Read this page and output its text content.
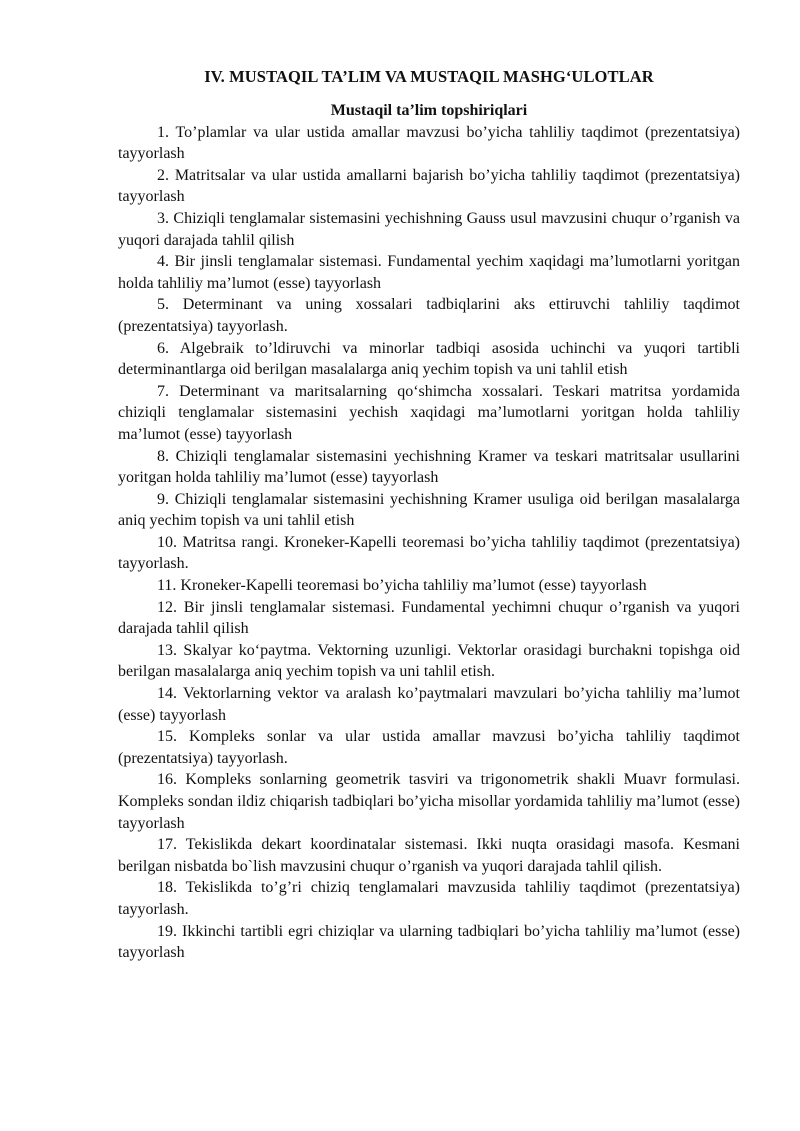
IV. MUSTAQIL TA’LIM VA MUSTAQIL MASHG‘ULOTLAR
Mustaqil ta’lim topshiriqlari

1. To’plamlar va ular ustida amallar mavzusi bo’yicha tahliliy taqdimot (prezentatsiya) tayyorlash

2. Matritsalar va ular ustida amallarni bajarish bo’yicha tahliliy taqdimot (prezentatsiya) tayyorlash

3. Chiziqli tenglamalar sistemasini yechishning Gauss usul mavzusini chuqur o’rganish va yuqori darajada tahlil qilish

4. Bir jinsli tenglamalar sistemasi. Fundamental yechim xaqidagi ma’lumotlarni yoritgan holda tahliliy ma’lumot (esse) tayyorlash

5. Determinant va uning xossalari tadbiqlarini aks ettiruvchi tahliliy taqdimot (prezentatsiya) tayyorlash.

6. Algebraik to’ldiruvchi va minorlar tadbiqi asosida uchinchi va yuqori tartibli determinantlarga oid berilgan masalalarga aniq yechim topish va uni tahlil etish

7. Determinant va maritsalarning qo‘shimcha xossalari. Teskari matritsa yordamida chiziqli tenglamalar sistemasini yechish xaqidagi ma’lumotlarni yoritgan holda tahliliy ma’lumot (esse) tayyorlash

8. Chiziqli tenglamalar sistemasini yechishning Kramer va teskari matritsalar usullarini yoritgan holda tahliliy ma’lumot (esse) tayyorlash

9. Chiziqli tenglamalar sistemasini yechishning Kramer usuliga oid berilgan masalalarga aniq yechim topish va uni tahlil etish

10. Matritsa rangi. Kroneker-Kapelli teoremasi bo’yicha tahliliy taqdimot (prezentatsiya) tayyorlash.

11. Kroneker-Kapelli teoremasi bo’yicha tahliliy ma’lumot (esse) tayyorlash

12. Bir jinsli tenglamalar sistemasi. Fundamental yechimni chuqur o’rganish va yuqori darajada tahlil qilish

13. Skalyar ko‘paytma. Vektorning uzunligi. Vektorlar orasidagi burchakni topishga oid berilgan masalalarga aniq yechim topish va uni tahlil etish.

14. Vektorlarning vektor va aralash ko’paytmalari mavzulari bo’yicha tahliliy ma’lumot (esse) tayyorlash

15. Kompleks sonlar va ular ustida amallar mavzusi bo’yicha tahliliy taqdimot (prezentatsiya) tayyorlash.

16. Kompleks sonlarning geometrik tasviri va trigonometrik shakli Muavr formulasi. Kompleks sondan ildiz chiqarish tadbiqlari bo’yicha misollar yordamida tahliliy ma’lumot (esse) tayyorlash

17. Tekislikda dekart koordinatalar sistemasi. Ikki nuqta orasidagi masofa. Kesmani berilgan nisbatda bo`lish mavzusini chuqur o’rganish va yuqori darajada tahlil qilish.

18. Tekislikda to’g’ri chiziq tenglamalari mavzusida tahliliy taqdimot (prezentatsiya) tayyorlash.

19. Ikkinchi tartibli egri chiziqlar va ularning tadbiqlari bo’yicha tahliliy ma’lumot (esse) tayyorlash
